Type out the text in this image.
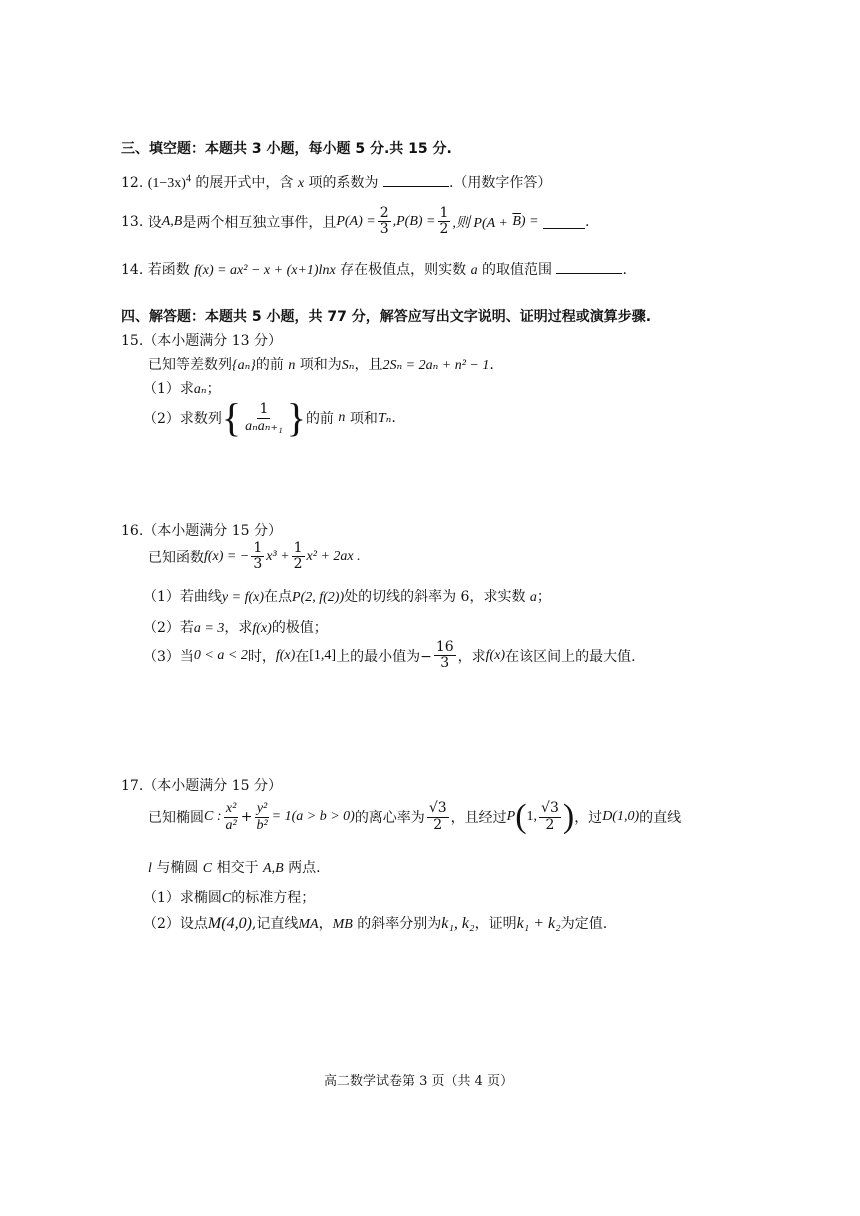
三、填空题：本题共 3 小题，每小题 5 分.共 15 分.
12. $(1-3x)^4$ 的展开式中，含 x 项的系数为	.（用数字作答）
13.
设 A,B 是两个相互独立事件，且 $P(A) = \frac{2}{3} ,P(B) = \frac{1}{2}$ ,则 P(A +
$\overline{B}$ ) =
	.
14. 若函数 f(x) = ax² − x + (x+1)lnx 存在极值点，则实数 a 的取值范围	.
四、解答题：本题共 5 小题，共 77 分，解答应写出文字说明、证明过程或演算步骤.
15.（本小题满分 13 分）
已知等差数列{aₙ}的前 n 项和为Sₙ，且2Sₙ = 2aₙ + n² − 1.
（1）求aₙ；
（2）求数列 { $\frac{1}{\text{aₙaₙ₊₁}}$ } 的前
n
项和 Tₙ .
16.（本小题满分 15 分）
已知函数 f(x) = − $\frac{1}{3} x^3 + \frac{1}{2} x^2 + 2ax$ .
（1）若曲线y = f(x)在点P(2, f(2))处的切线的斜率为 6，求实数 a；
（2）若a = 3，求f(x)的极值；
（3）当 0 < a < 2 时， f(x) 在 [1,4] 上的最小值为− $\frac{16}{3}$ ，求 f(x) 在该区间上的最大值.
17.（本小题满分 15 分）
已知椭圆 C : $\frac{\text{x²}}{\text{a²}} + \frac{\text{y²}}{\text{b²}} = 1(a > b > 0)$ 的离心率为 $\frac{√3}{2}$ ，且经过 P ( 1, $\frac{√3}{2}$ ) ，过 D(1,0) 的直线
l 与椭圆 C 相交于 A,B 两点.
（1）求椭圆C的标准方程；
（2）设点M(4,0),记直线MA，MB 的斜率分别为k₁, k₂，证明k₁ + k₂为定值.
高二数学试卷第 3 页（共 4 页）
